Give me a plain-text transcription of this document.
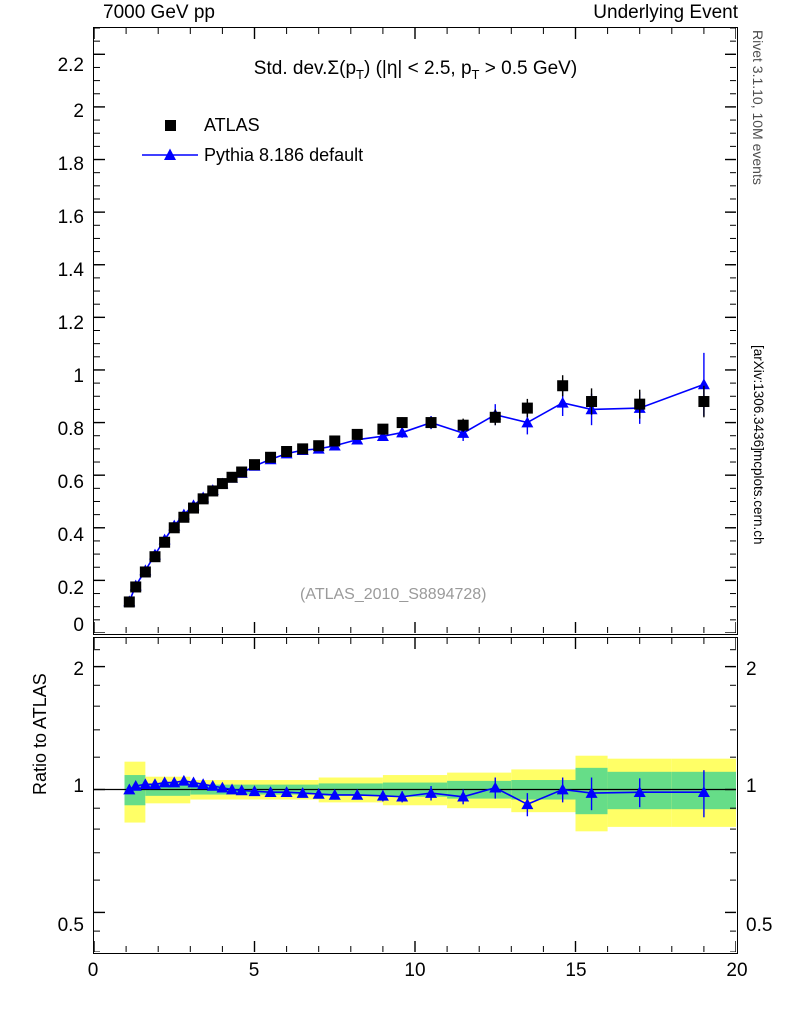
7000 GeV pp	Underlying Event
Rivet 3.1.10, 10M events
[arXiv:1306.3436]
mcplots.cern.ch
Std. $dev.\Sigma(p_T) (|\eta| < 2.5$, $p_T > 0.5$ GeV)
0
0.2
0.4
0.6
0.8
1
1.2
1.4
1.6
1.8
2
2.2
ATLAS
Pythia 8.186 default
(ATLAS_2010_S8894728)
Ratio to ATLAS
0.5
1
2
0.5
1
2
0	5	10	15	20
